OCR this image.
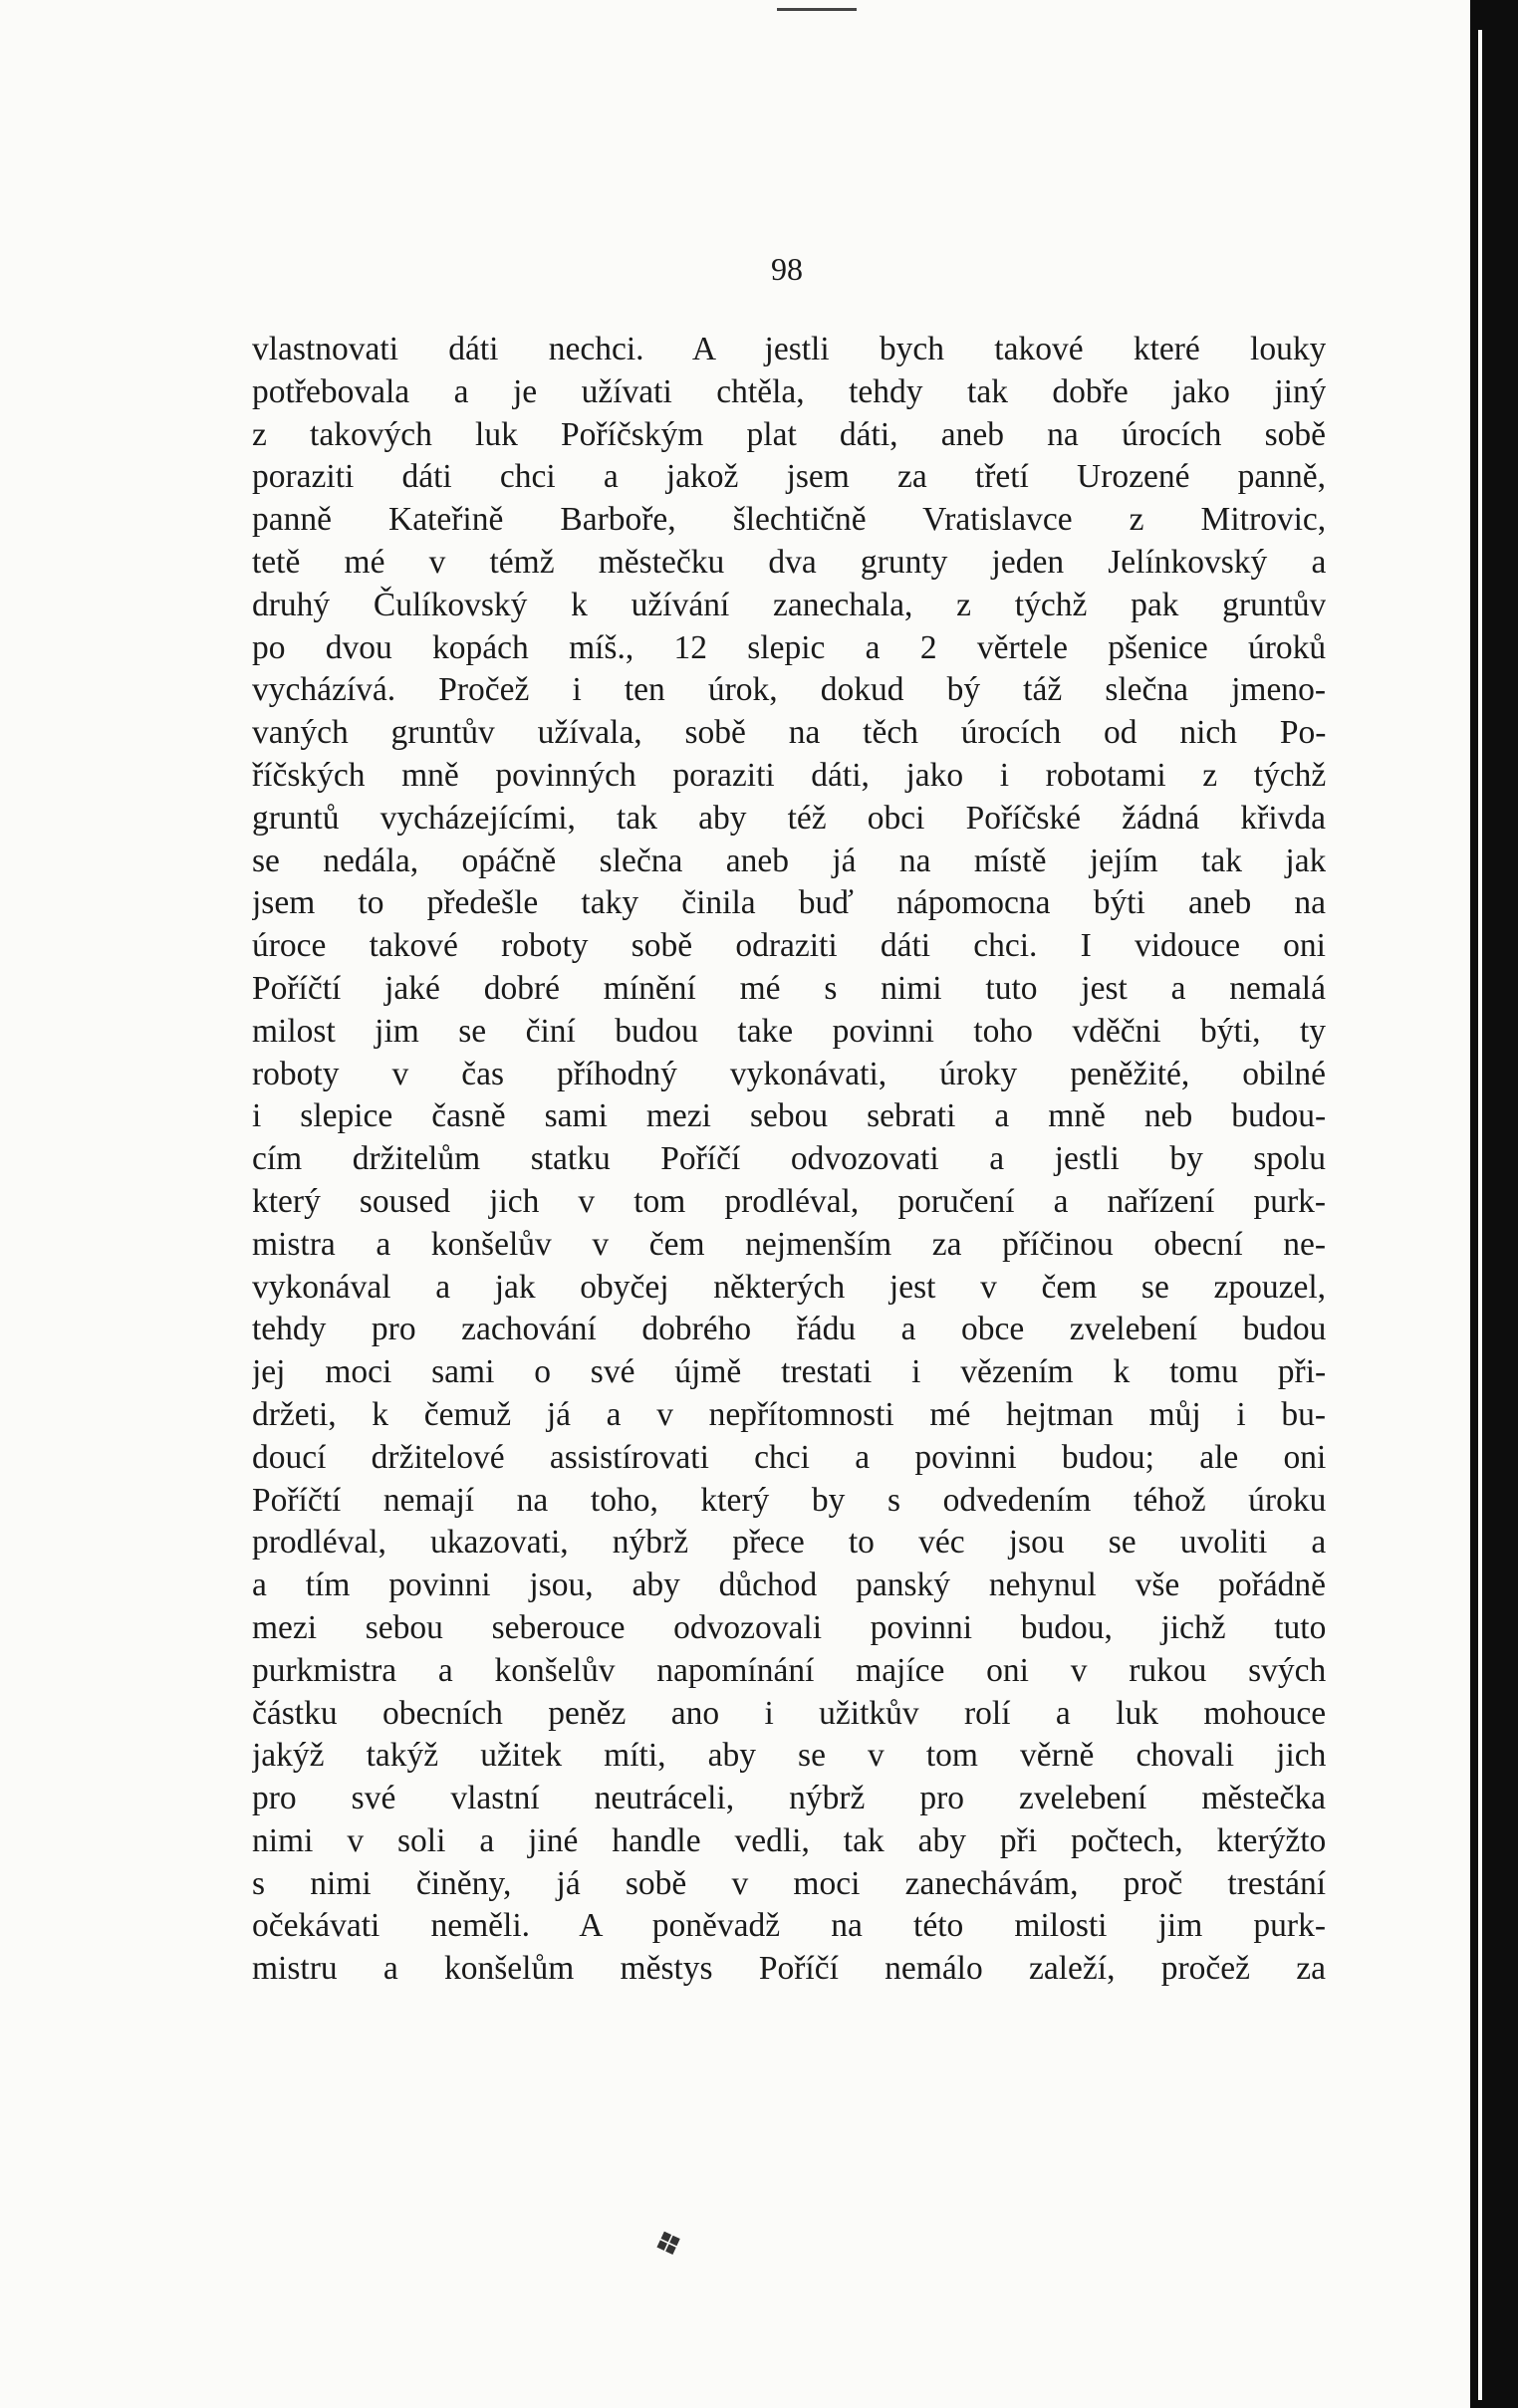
98
vlastnovati dáti nechci. A jestli bych takové které louky
potřebovala a je užívati chtěla, tehdy tak dobře jako jiný
z takových luk Poříčským plat dáti, aneb na úrocích sobě
poraziti dáti chci a jakož jsem za třetí Urozené panně,
panně Kateřině Barboře, šlechtičně Vratislavce z Mitrovic,
tetě mé v témž městečku dva grunty jeden Jelínkovský a
druhý Čulíkovský k užívání zanechala, z týchž pak gruntův
po dvou kopách míš., 12 slepic a 2 věrtele pšenice úroků
vycházívá. Pročež i ten úrok, dokud bý táž slečna jmeno-
vaných gruntův užívala, sobě na těch úrocích od nich Po-
říčských mně povinných poraziti dáti, jako i robotami z týchž
gruntů vycházejícími, tak aby též obci Poříčské žádná křivda
se nedála, opáčně slečna aneb já na místě jejím tak jak
jsem to předešle taky činila buď nápomocna býti aneb na
úroce takové roboty sobě odraziti dáti chci. I vidouce oni
Poříčtí jaké dobré mínění mé s nimi tuto jest a nemalá
milost jim se činí budou take povinni toho vděčni býti, ty
roboty v čas příhodný vykonávati, úroky peněžité, obilné
i slepice časně sami mezi sebou sebrati a mně neb budou-
cím držitelům statku Poříčí odvozovati a jestli by spolu
který soused jich v tom prodléval, poručení a nařízení purk-
mistra a konšelův v čem nejmenším za příčinou obecní ne-
vykonával a jak obyčej některých jest v čem se zpouzel,
tehdy pro zachování dobrého řádu a obce zvelebení budou
jej moci sami o své újmě trestati i vězením k tomu při-
držeti, k čemuž já a v nepřítomnosti mé hejtman můj i bu-
doucí držitelové assistírovati chci a povinni budou; ale oni
Poříčtí nemají na toho, který by s odvedením téhož úroku
prodléval, ukazovati, nýbrž přece to véc jsou se uvoliti a
a tím povinni jsou, aby důchod panský nehynul vše pořádně
mezi sebou seberouce odvozovali povinni budou, jichž tuto
purkmistra a konšelův napomínání majíce oni v rukou svých
částku obecních peněz ano i užitkův rolí a luk mohouce
jakýž takýž užitek míti, aby se v tom věrně chovali jich
pro své vlastní neutráceli, nýbrž pro zvelebení městečka
nimi v soli a jiné handle vedli, tak aby při počtech, kterýžto
s nimi činěny, já sobě v moci zanechávám, proč trestání
očekávati neměli. A poněvadž na této milosti jim purk-
mistru a konšelům městys Poříčí nemálo zaleží, pročež za
❖
